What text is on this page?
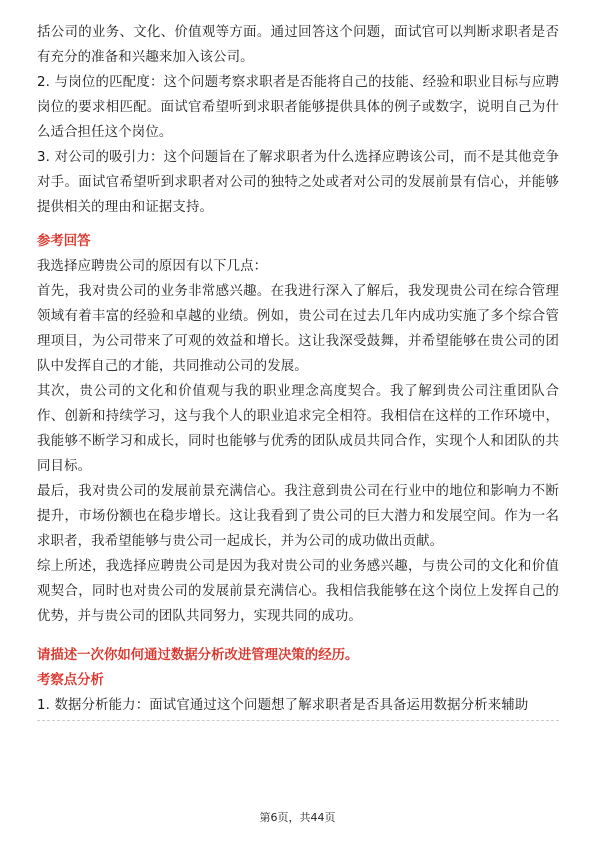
括公司的业务、文化、价值观等方面。通过回答这个问题，面试官可以判断求职者是否有充分的准备和兴趣来加入该公司。

2. 与岗位的匹配度：这个问题考察求职者是否能将自己的技能、经验和职业目标与应聘岗位的要求相匹配。面试官希望听到求职者能够提供具体的例子或数字，说明自己为什么适合担任这个岗位。

3. 对公司的吸引力：这个问题旨在了解求职者为什么选择应聘该公司，而不是其他竞争对手。面试官希望听到求职者对公司的独特之处或者对公司的发展前景有信心，并能够提供相关的理由和证据支持。

参考回答

我选择应聘贵公司的原因有以下几点：

首先，我对贵公司的业务非常感兴趣。在我进行深入了解后，我发现贵公司在综合管理领域有着丰富的经验和卓越的业绩。例如，贵公司在过去几年内成功实施了多个综合管理项目，为公司带来了可观的效益和增长。这让我深受鼓舞，并希望能够在贵公司的团队中发挥自己的才能，共同推动公司的发展。

其次，贵公司的文化和价值观与我的职业理念高度契合。我了解到贵公司注重团队合作、创新和持续学习，这与我个人的职业追求完全相符。我相信在这样的工作环境中，我能够不断学习和成长，同时也能够与优秀的团队成员共同合作，实现个人和团队的共同目标。

最后，我对贵公司的发展前景充满信心。我注意到贵公司在行业中的地位和影响力不断提升，市场份额也在稳步增长。这让我看到了贵公司的巨大潜力和发展空间。作为一名求职者，我希望能够与贵公司一起成长，并为公司的成功做出贡献。

综上所述，我选择应聘贵公司是因为我对贵公司的业务感兴趣，与贵公司的文化和价值观契合，同时也对贵公司的发展前景充满信心。我相信我能够在这个岗位上发挥自己的优势，并与贵公司的团队共同努力，实现共同的成功。

请描述一次你如何通过数据分析改进管理决策的经历。

考察点分析

1. 数据分析能力：面试官通过这个问题想了解求职者是否具备运用数据分析来辅助

第6页，共44页
